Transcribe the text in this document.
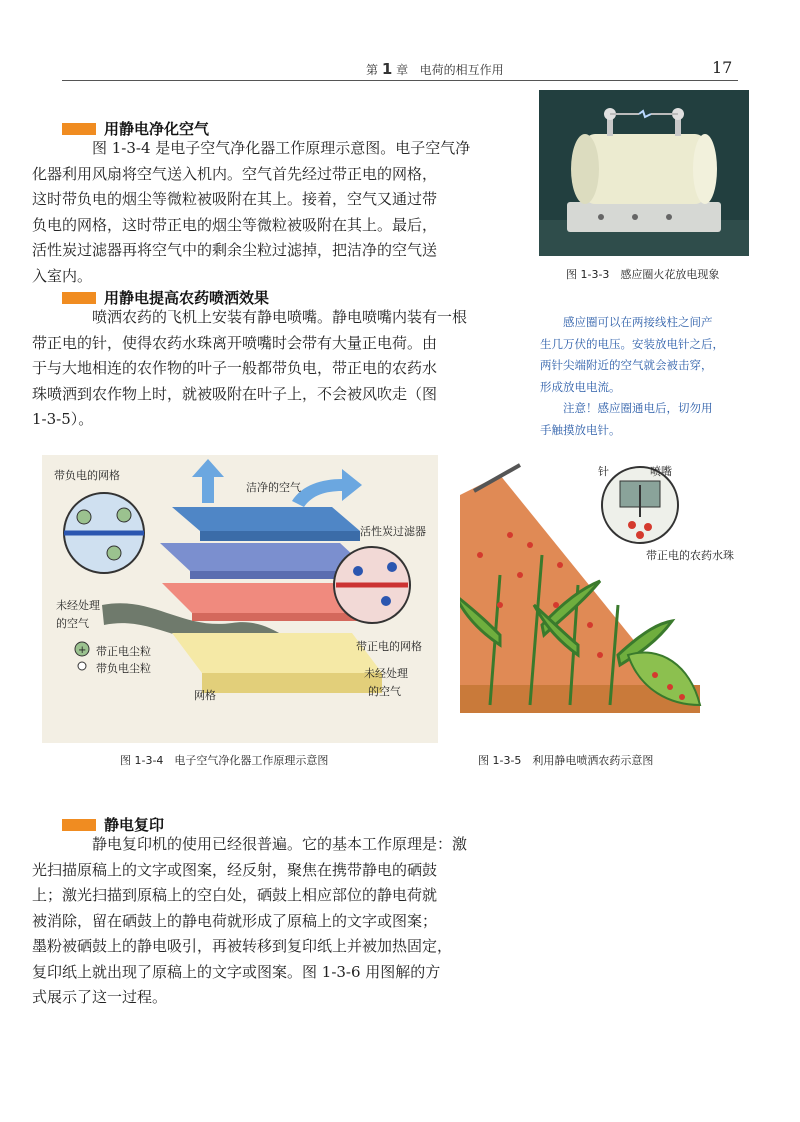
第 1 章 电荷的相互作用	17
用静电净化空气
图 1-3-4 是电子空气净化器工作原理示意图。电子空气净
化器利用风扇将空气送入机内。空气首先经过带正电的网格，
这时带负电的烟尘等微粒被吸附在其上。接着，空气又通过带
负电的网格，这时带正电的烟尘等微粒被吸附在其上。最后，
活性炭过滤器再将空气中的剩余尘粒过滤掉，把洁净的空气送
入室内。
用静电提高农药喷洒效果
喷洒农药的飞机上安装有静电喷嘴。静电喷嘴内装有一根
带正电的针，使得农药水珠离开喷嘴时会带有大量正电荷。由
于与大地相连的农作物的叶子一般都带负电，带正电的农药水
珠喷洒到农作物上时，就被吸附在叶子上，不会被风吹走（图
1-3-5）。
图 1-3-3　感应圈火花放电现象
感应圈可以在两接线柱之间产
生几万伏的电压。安装放电针之后，
两针尖端附近的空气就会被击穿，
形成放电电流。
注意！感应圈通电后，切勿用
手触摸放电针。
+
带负电的网格
洁净的空气
活性炭过滤器
未经处理
的空气
带正电尘粒
带负电尘粒
带正电的网格
未经处理
的空气
网格
图 1-3-4　电子空气净化器工作原理示意图
针	喷嘴
带正电的农药水珠
图 1-3-5　利用静电喷洒农药示意图
静电复印
静电复印机的使用已经很普遍。它的基本工作原理是：激
光扫描原稿上的文字或图案，经反射，聚焦在携带静电的硒鼓
上；激光扫描到原稿上的空白处，硒鼓上相应部位的静电荷就
被消除，留在硒鼓上的静电荷就形成了原稿上的文字或图案；
墨粉被硒鼓上的静电吸引，再被转移到复印纸上并被加热固定，
复印纸上就出现了原稿上的文字或图案。图 1-3-6 用图解的方
式展示了这一过程。
